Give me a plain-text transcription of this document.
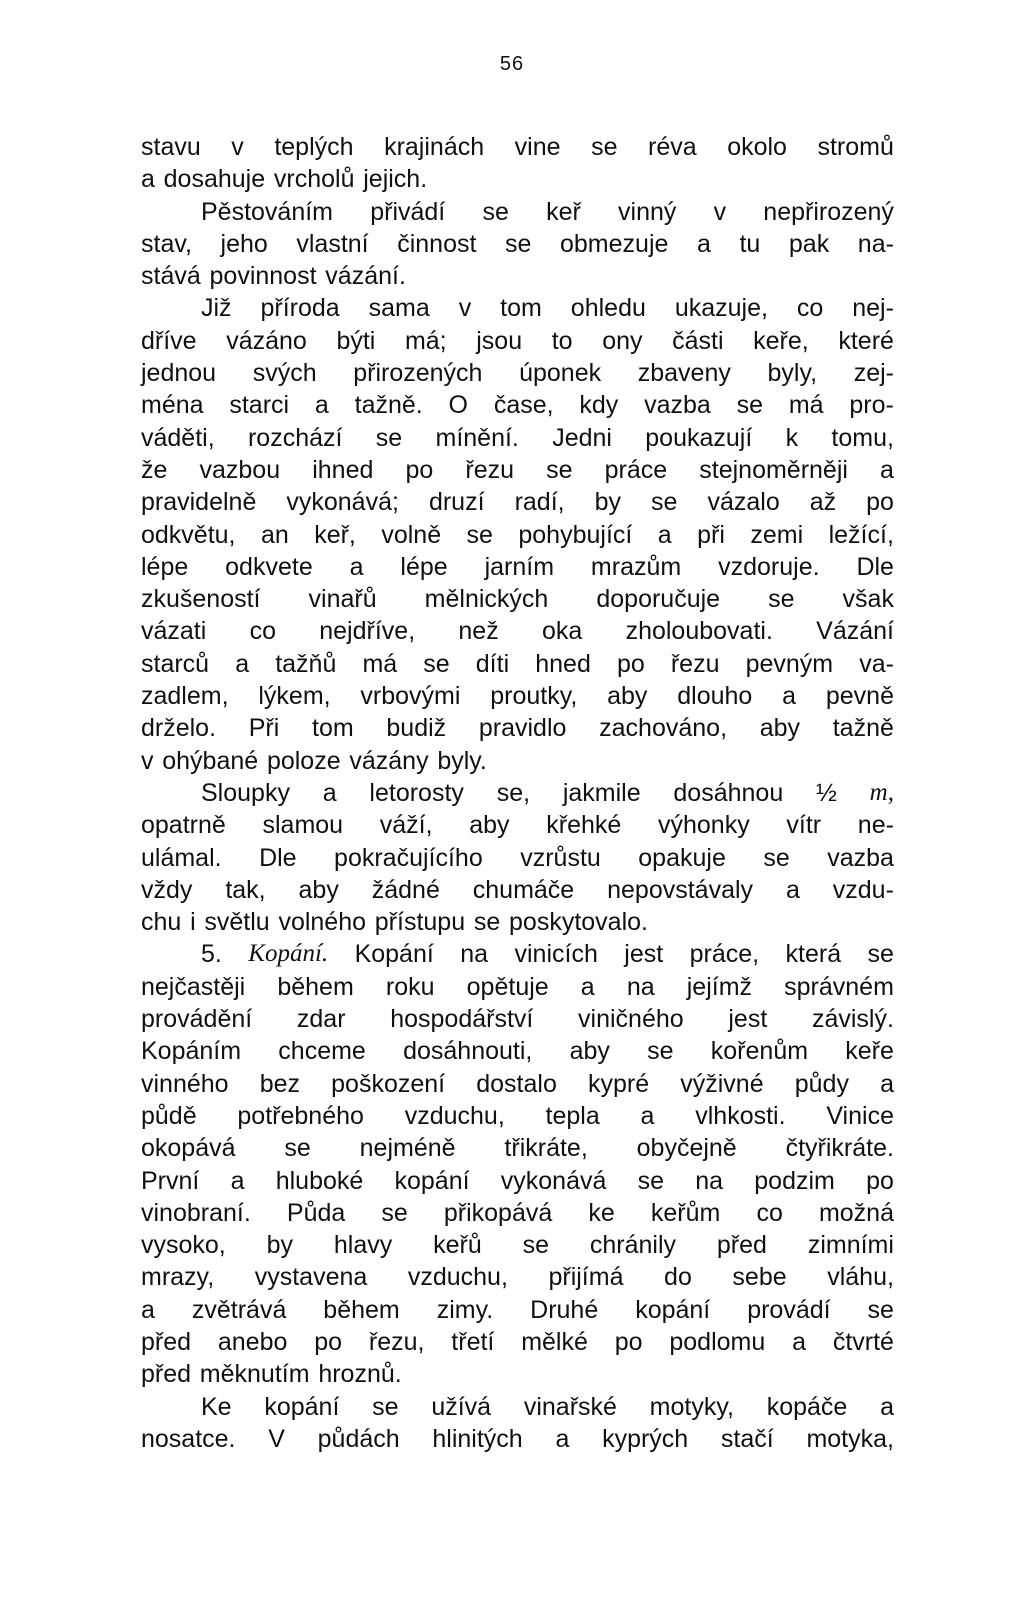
56
stavu v teplých krajinách vine se réva okolo stromů
a dosahuje vrcholů jejich.
Pěstováním přivádí se keř vinný v nepřirozený
stav, jeho vlastní činnost se obmezuje a tu pak na-
stává povinnost vázání.
Již příroda sama v tom ohledu ukazuje, co nej-
dříve vázáno býti má; jsou to ony části keře, které
jednou svých přirozených úponek zbaveny byly, zej-
ména starci a tažně. O čase, kdy vazba se má pro-
váděti, rozchází se mínění. Jedni poukazují k tomu,
že vazbou ihned po řezu se práce stejnoměrněji a
pravidelně vykonává; druzí radí, by se vázalo až po
odkvětu, an keř, volně se pohybující a při zemi ležící,
lépe odkvete a lépe jarním mrazům vzdoruje. Dle
zkušeností vinařů mělnických doporučuje se však
vázati co nejdříve, než oka zholoubovati. Vázání
starců a tažňů má se díti hned po řezu pevným va-
zadlem, lýkem, vrbovými proutky, aby dlouho a pevně
drželo. Při tom budiž pravidlo zachováno, aby tažně
v ohýbané poloze vázány byly.
Sloupky a letorosty se, jakmile dosáhnou ½ m,
opatrně slamou váží, aby křehké výhonky vítr ne-
ulámal. Dle pokračujícího vzrůstu opakuje se vazba
vždy tak, aby žádné chumáče nepovstávaly a vzdu-
chu i světlu volného přístupu se poskytovalo.
5. Kopání. Kopání na vinicích jest práce, která se
nejčastěji během roku opětuje a na jejímž správném
provádění zdar hospodářství viničného jest závislý.
Kopáním chceme dosáhnouti, aby se kořenům keře
vinného bez poškození dostalo kypré výživné půdy a
půdě potřebného vzduchu, tepla a vlhkosti. Vinice
okopává se nejméně třikráte, obyčejně čtyřikráte.
První a hluboké kopání vykonává se na podzim po
vinobraní. Půda se přikopává ke keřům co možná
vysoko, by hlavy keřů se chránily před zimními
mrazy, vystavena vzduchu, přijímá do sebe vláhu,
a zvětrává během zimy. Druhé kopání provádí se
před anebo po řezu, třetí mělké po podlomu a čtvrté
před měknutím hroznů.
Ke kopání se užívá vinařské motyky, kopáče a
nosatce. V půdách hlinitých a kyprých stačí motyka,
